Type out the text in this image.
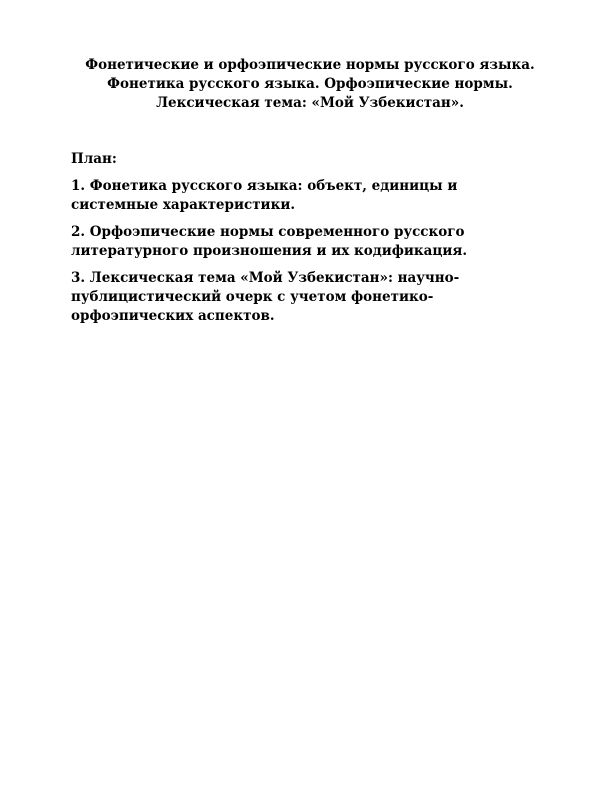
Фонетические и орфоэпические нормы русского языка.
Фонетика русского языка. Орфоэпические нормы.
Лексическая тема: «Мой Узбекистан».
План:
1. Фонетика русского языка: объект, единицы и
системные характеристики.
2. Орфоэпические нормы современного русского
литературного произношения и их кодификация.
3. Лексическая тема «Мой Узбекистан»: научно-
публицистический очерк с учетом фонетико-
орфоэпических аспектов.
